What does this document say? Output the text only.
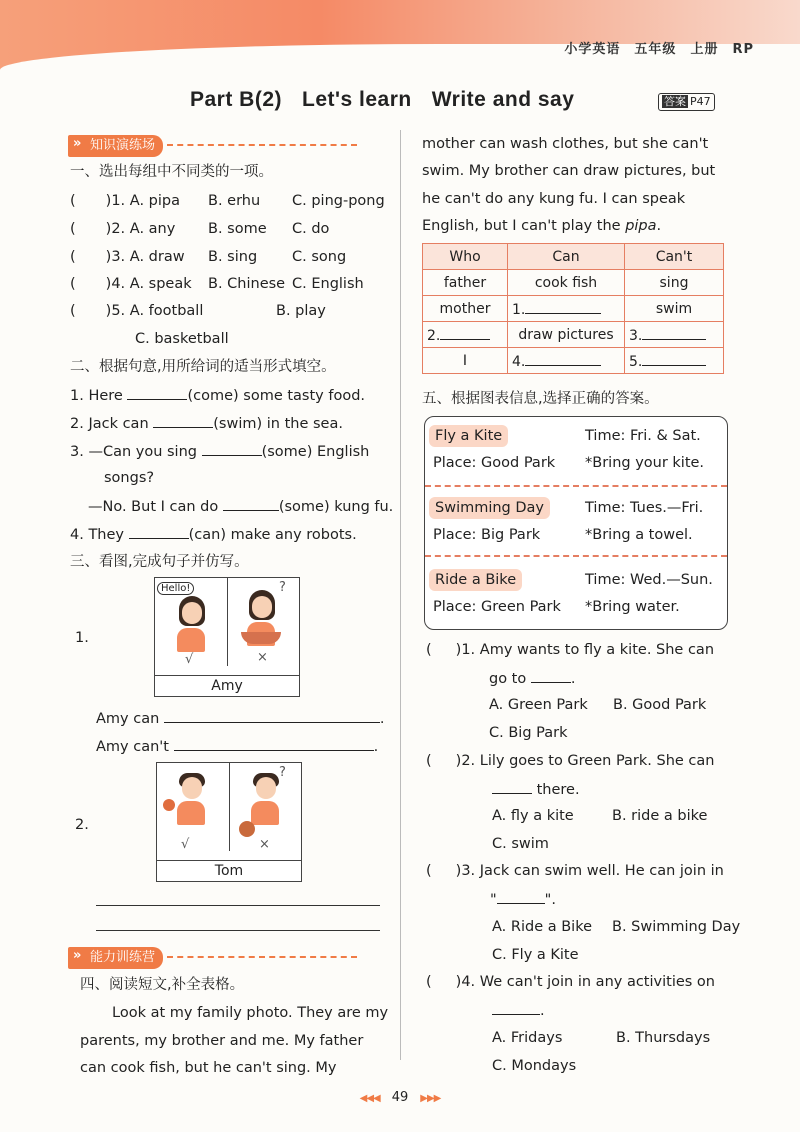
小学英语 五年级 上册 RP
Part B(2) Let's learn Write and say	答案 P47
» 知识演练场
一、选出每组中不同类的一项。
( )1. A. pipa B. erhu C. ping-pong
( )2. A. any B. some C. do
( )3. A. draw B. sing C. song
( )4. A. speak B. Chinese C. English
( )5. A. football	B. play
C. basketball
二、根据句意,用所给词的适当形式填空。
1. Here	(come) some tasty food.
2. Jack can	(swim) in the sea.
3. —Can you sing	(some) English
songs?
—No. But I can do	(some) kung fu.
4. They	(can) make any robots.
三、看图,完成句子并仿写。
1.
Hello!
√
?
×
Amy
Amy can	.
Amy can't	.
2.
√
?
×
Tom
» 能力训练营
四、阅读短文,补全表格。
Look at my family photo. They are my
parents, my brother and me. My father
can cook fish, but he can't sing. My
mother can wash clothes, but she can't
swim. My brother can draw pictures, but
he can't do any kung fu. I can speak
English, but I can't play the pipa.
Who	Can	Can't
father	cook fish	sing
mother	1.	swim
2.	draw pictures	3.
I	4.	5.
五、根据图表信息,选择正确的答案。
Fly a Kite	Time: Fri. & Sat.
Place: Good Park *Bring your kite.
Swimming Day	Time: Tues.—Fri.
Place: Big Park	*Bring a towel.
Ride a Bike	Time: Wed.—Sun.
Place: Green Park *Bring water.
( )1. Amy wants to fly a kite. She can
go to	.
A. Green Park B. Good Park
C. Big Park
( )2. Lily goes to Green Park. She can
there.
A. fly a kite	B. ride a bike
C. swim
( )3. Jack can swim well. He can join in
"	".
A. Ride a Bike B. Swimming Day
C. Fly a Kite
( )4. We can't join in any activities on
.
A. Fridays	B. Thursdays
C. Mondays
◀◀◀ 49 ▶▶▶
